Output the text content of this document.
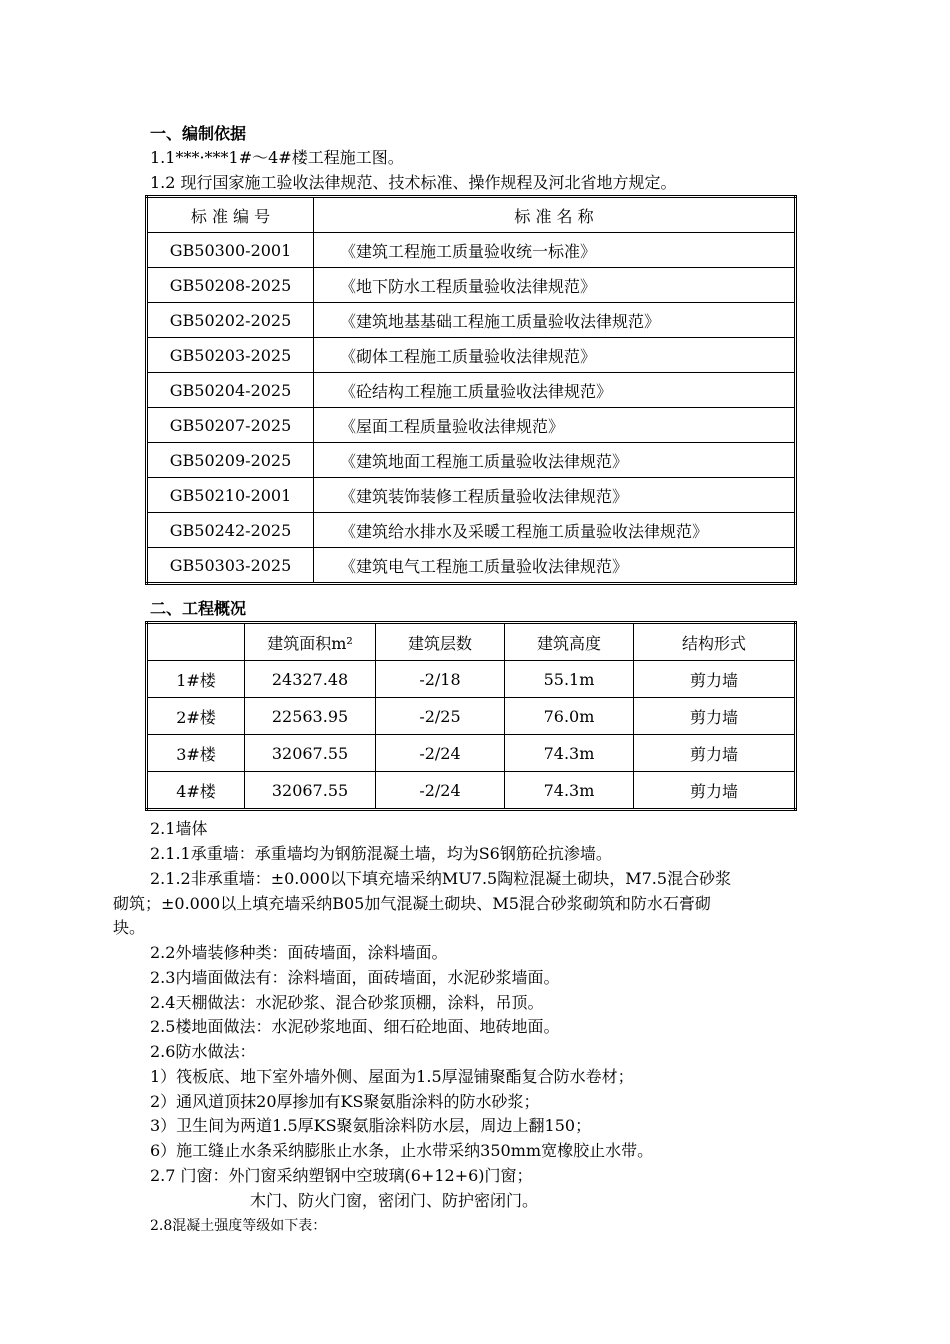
一、编制依据
1.1***·***1#～4#楼工程施工图。
1.2 现行国家施工验收法律规范、技术标准、操作规程及河北省地方规定。
标 准 编 号	标 准 名 称
GB50300-2001	《建筑工程施工质量验收统一标准》
GB50208-2025	《地下防水工程质量验收法律规范》
GB50202-2025	《建筑地基基础工程施工质量验收法律规范》
GB50203-2025	《砌体工程施工质量验收法律规范》
GB50204-2025	《砼结构工程施工质量验收法律规范》
GB50207-2025	《屋面工程质量验收法律规范》
GB50209-2025	《建筑地面工程施工质量验收法律规范》
GB50210-2001	《建筑装饰装修工程质量验收法律规范》
GB50242-2025	《建筑给水排水及采暖工程施工质量验收法律规范》
GB50303-2025	《建筑电气工程施工质量验收法律规范》
二、工程概况
	建筑面积m²	建筑层数	建筑高度	结构形式
1#楼	24327.48	-2/18	55.1m	剪力墙
2#楼	22563.95	-2/25	76.0m	剪力墙
3#楼	32067.55	-2/24	74.3m	剪力墙
4#楼	32067.55	-2/24	74.3m	剪力墙
2.1墙体
2.1.1承重墙：承重墙均为钢筋混凝土墙，均为S6钢筋砼抗渗墙。
2.1.2非承重墙：±0.000以下填充墙采纳MU7.5陶粒混凝土砌块，M7.5混合砂浆
砌筑；±0.000以上填充墙采纳B05加气混凝土砌块、M5混合砂浆砌筑和防水石膏砌
块。
2.2外墙装修种类：面砖墙面，涂料墙面。
2.3内墙面做法有：涂料墙面，面砖墙面，水泥砂浆墙面。
2.4天棚做法：水泥砂浆、混合砂浆顶棚，涂料，吊顶。
2.5楼地面做法：水泥砂浆地面、细石砼地面、地砖地面。
2.6防水做法：
1）筏板底、地下室外墙外侧、屋面为1.5厚湿铺聚酯复合防水卷材；
2）通风道顶抹20厚掺加有KS聚氨脂涂料的防水砂浆；
3）卫生间为两道1.5厚KS聚氨脂涂料防水层，周边上翻150；
6）施工缝止水条采纳膨胀止水条，止水带采纳350mm宽橡胶止水带。
2.7 门窗：外门窗采纳塑钢中空玻璃(6+12+6)门窗；
木门、防火门窗，密闭门、防护密闭门。
2.8混凝土强度等级如下表：
